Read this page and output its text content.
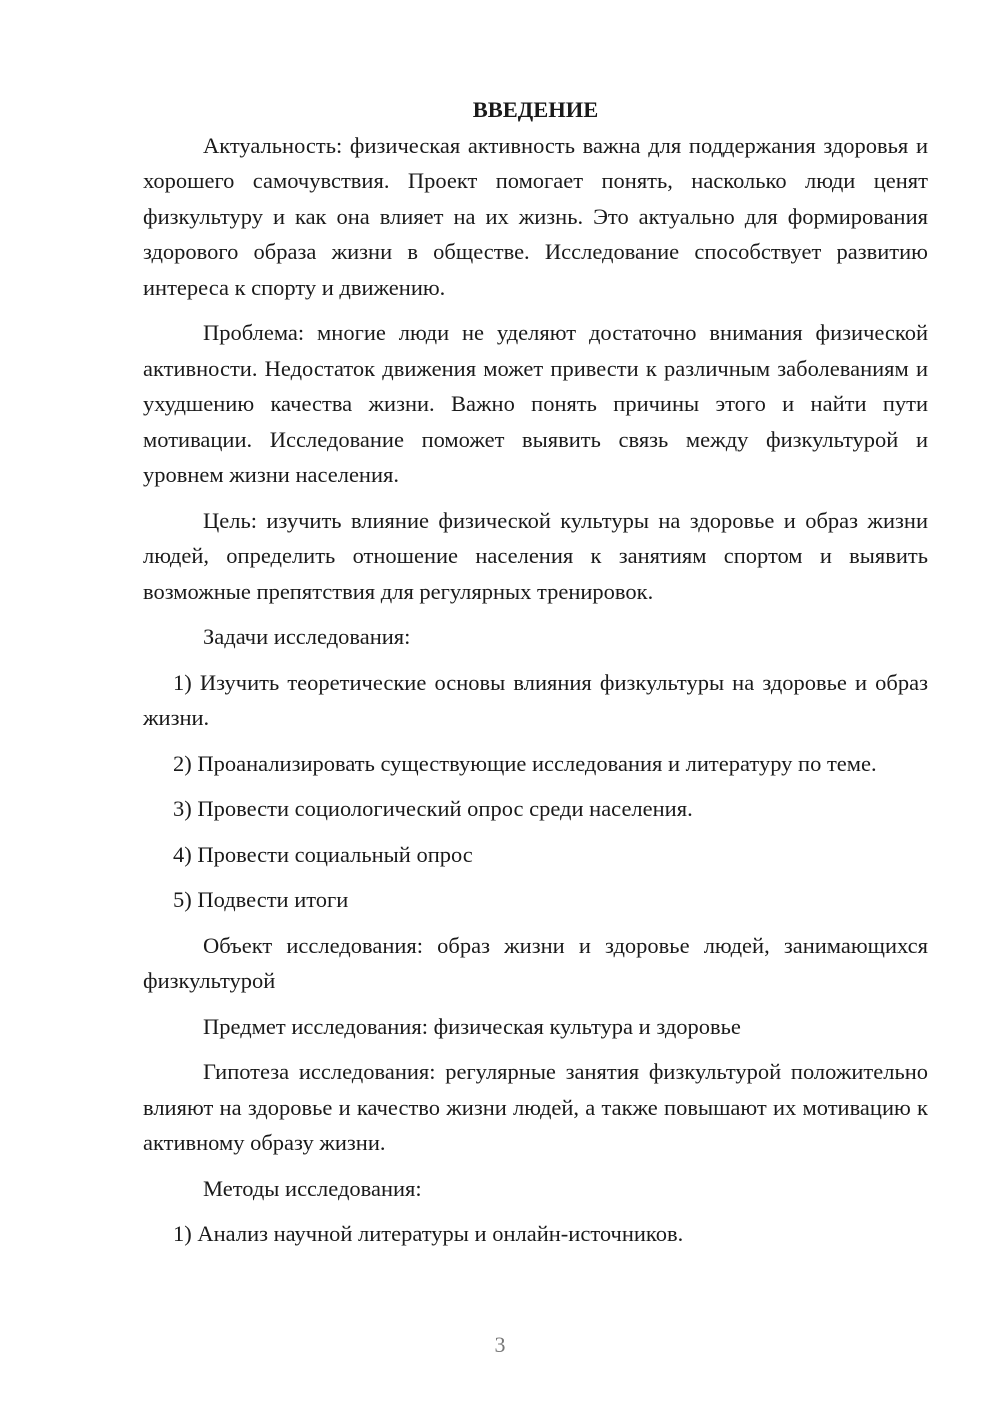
ВВЕДЕНИЕ

Актуальность: физическая активность важна для поддержания здоровья и хорошего самочувствия. Проект помогает понять, насколько люди ценят физкультуру и как она влияет на их жизнь. Это актуально для формирования здорового образа жизни в обществе. Исследование способствует развитию интереса к спорту и движению.

Проблема: многие люди не уделяют достаточно внимания физической активности. Недостаток движения может привести к различным заболеваниям и ухудшению качества жизни. Важно понять причины этого и найти пути мотивации. Исследование поможет выявить связь между физкультурой и уровнем жизни населения.

Цель: изучить влияние физической культуры на здоровье и образ жизни людей, определить отношение населения к занятиям спортом и выявить возможные препятствия для регулярных тренировок.

Задачи исследования:

1) Изучить теоретические основы влияния физкультуры на здоровье и образ жизни.

2) Проанализировать существующие исследования и литературу по теме.

3) Провести социологический опрос среди населения.

4) Провести социальный опрос

5) Подвести итоги

Объект исследования: образ жизни и здоровье людей, занимающихся физкультурой

Предмет исследования: физическая культура и здоровье

Гипотеза исследования: регулярные занятия физкультурой положительно влияют на здоровье и качество жизни людей, а также повышают их мотивацию к активному образу жизни.

Методы исследования:

1) Анализ научной литературы и онлайн-источников.

3
